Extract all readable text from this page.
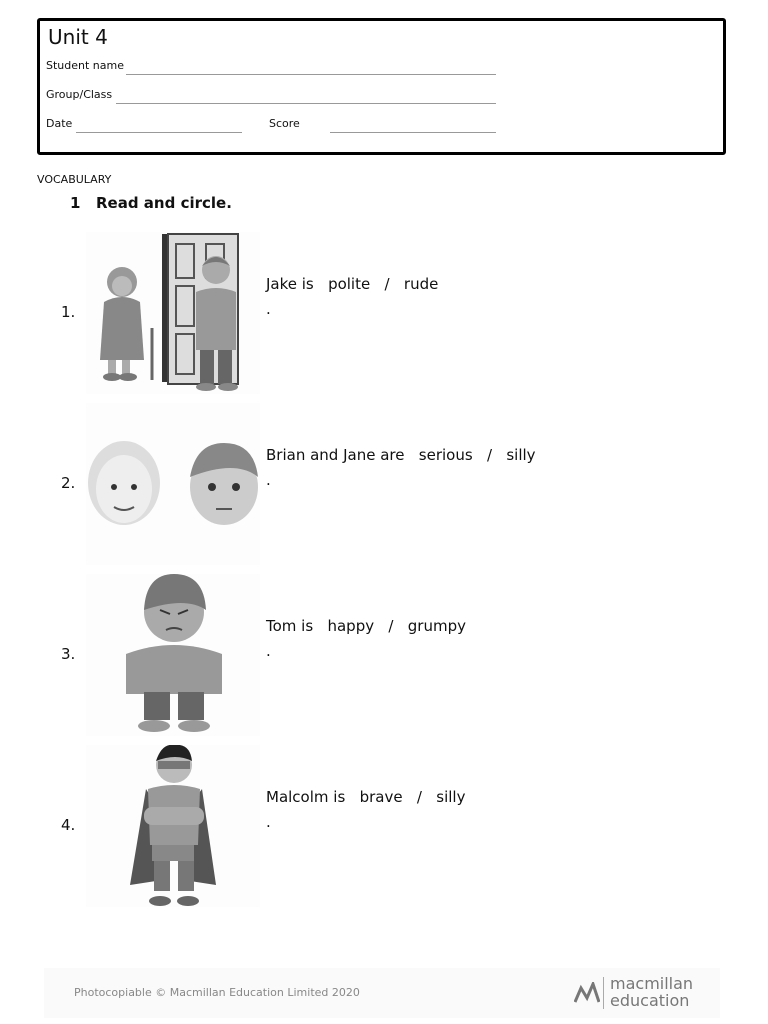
Unit 4
Student name
Group/Class
Date	Score
VOCABULARY
1 Read and circle.
1.
Jake is polite / rude
.
2.
Brian and Jane are serious / silly
.
3.
Tom is happy / grumpy
.
4.
Malcolm is brave / silly
.
Photocopiable © Macmillan Education Limited 2020	macmillan
education
